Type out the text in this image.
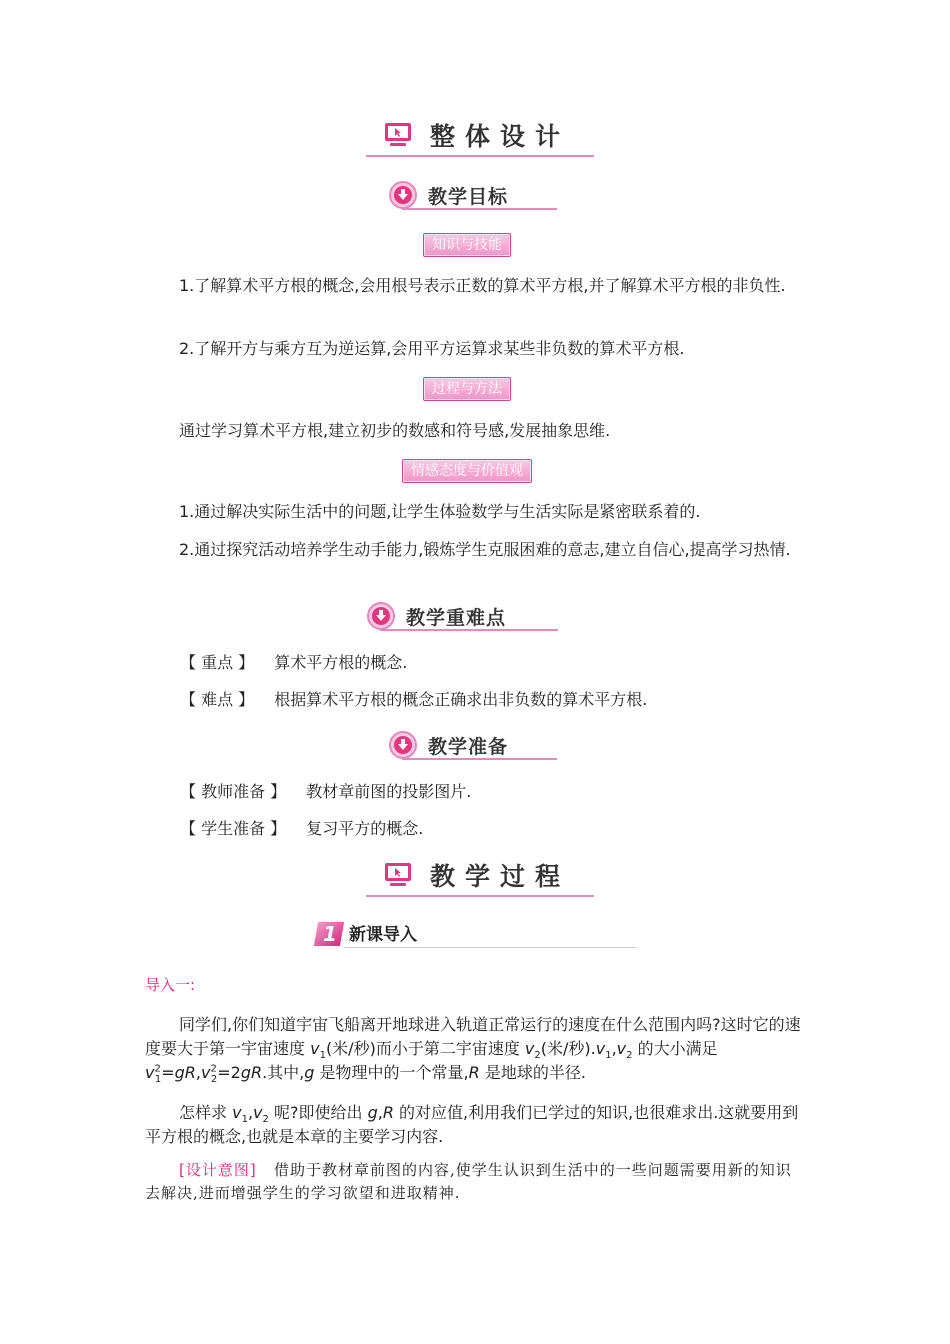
整体设计
教学目标
知识与技能
1.了解算术平方根的概念,会用根号表示正数的算术平方根,并了解算术平方根的非负性.
2.了解开方与乘方互为逆运算,会用平方运算求某些非负数的算术平方根.
过程与方法
通过学习算术平方根,建立初步的数感和符号感,发展抽象思维.
情感态度与价值观
1.通过解决实际生活中的问题,让学生体验数学与生活实际是紧密联系着的.
2.通过探究活动培养学生动手能力,锻炼学生克服困难的意志,建立自信心,提高学习热情.
教学重难点
【 重点 】 算术平方根的概念.
【 难点 】 根据算术平方根的概念正确求出非负数的算术平方根.
教学准备
【 教师准备 】 教材章前图的投影图片.
【 学生准备 】 复习平方的概念.
教学过程
1 新课导入
导入一:
同学们,你们知道宇宙飞船离开地球进入轨道正常运行的速度在什么范围内吗?这时它的速度要大于第一宇宙速度 $v_1$(米/秒)而小于第二宇宙速度 $v_2$(米/秒)$.v_1,v_2$ 的大小满足$v^2_1=gR,v^2_2=2gR$.其中,g 是物理中的一个常量,R 是地球的半径.
怎样求 $v_1,v_2$ 呢?即使给出 g,R 的对应值,利用我们已学过的知识,也很难求出.这就要用到平方根的概念,也就是本章的主要学习内容.
[设计意图] 借助于教材章前图的内容,使学生认识到生活中的一些问题需要用新的知识去解决,进而增强学生的学习欲望和进取精神.
